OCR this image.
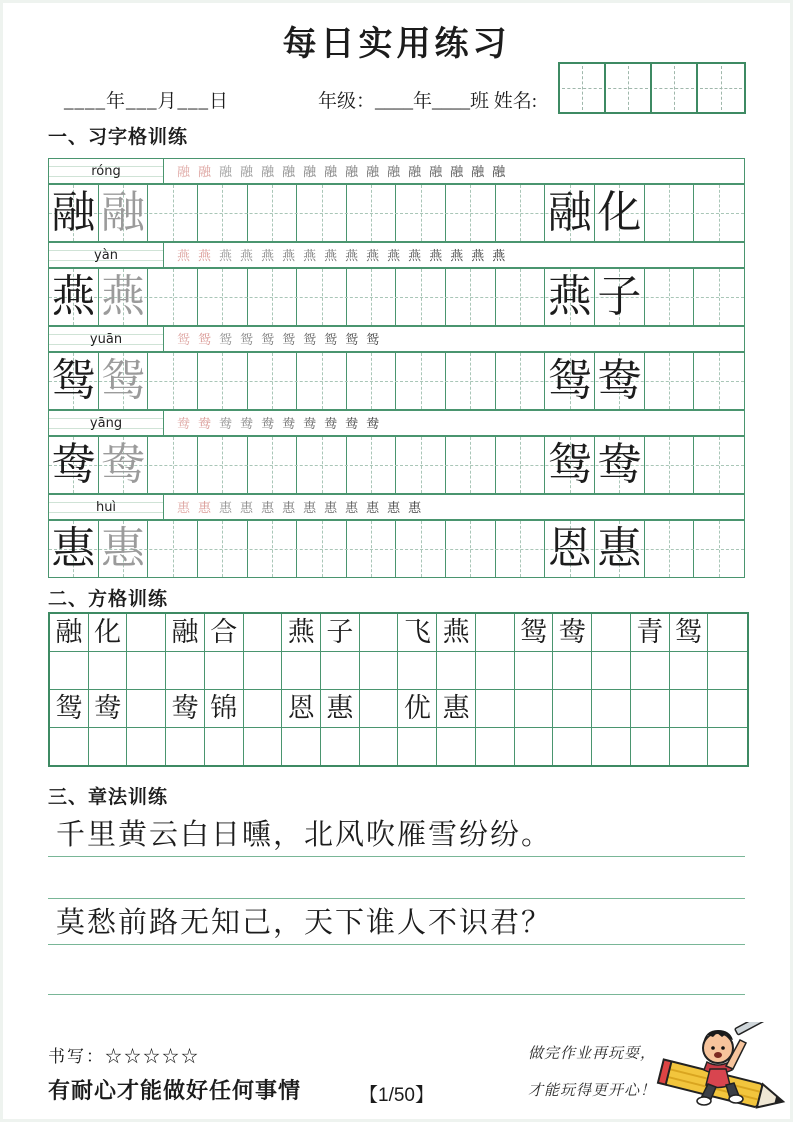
每日实用练习
____年___月___日	年级：____年____班 姓名:
一、习字格训练
róng	融 融 融 融 融 融 融 融 融 融 融 融 融 融 融 融
融 融	融 化
yàn	燕 燕 燕 燕 燕 燕 燕 燕 燕 燕 燕 燕 燕 燕 燕 燕
燕 燕	燕 子
yuān	鸳 鸳 鸳 鸳 鸳 鸳 鸳 鸳 鸳 鸳
鸳 鸳	鸳 鸯
yāng	鸯 鸯 鸯 鸯 鸯 鸯 鸯 鸯 鸯 鸯
鸯 鸯	鸳 鸯
huì	惠 惠 惠 惠 惠 惠 惠 惠 惠 惠 惠 惠
惠 惠	恩 惠
二、方格训练
融 化 融 合 燕 子 飞 燕 鸳 鸯 青 鸳
鸳 鸯 鸯 锦 恩 惠 优 惠
三、章法训练
千里黄云白日曛，北风吹雁雪纷纷。
莫愁前路无知己，天下谁人不识君？
书写：☆☆☆☆☆
有耐心才能做好任何事情	【1/50】
做完作业再玩耍，
才能玩得更开心！
